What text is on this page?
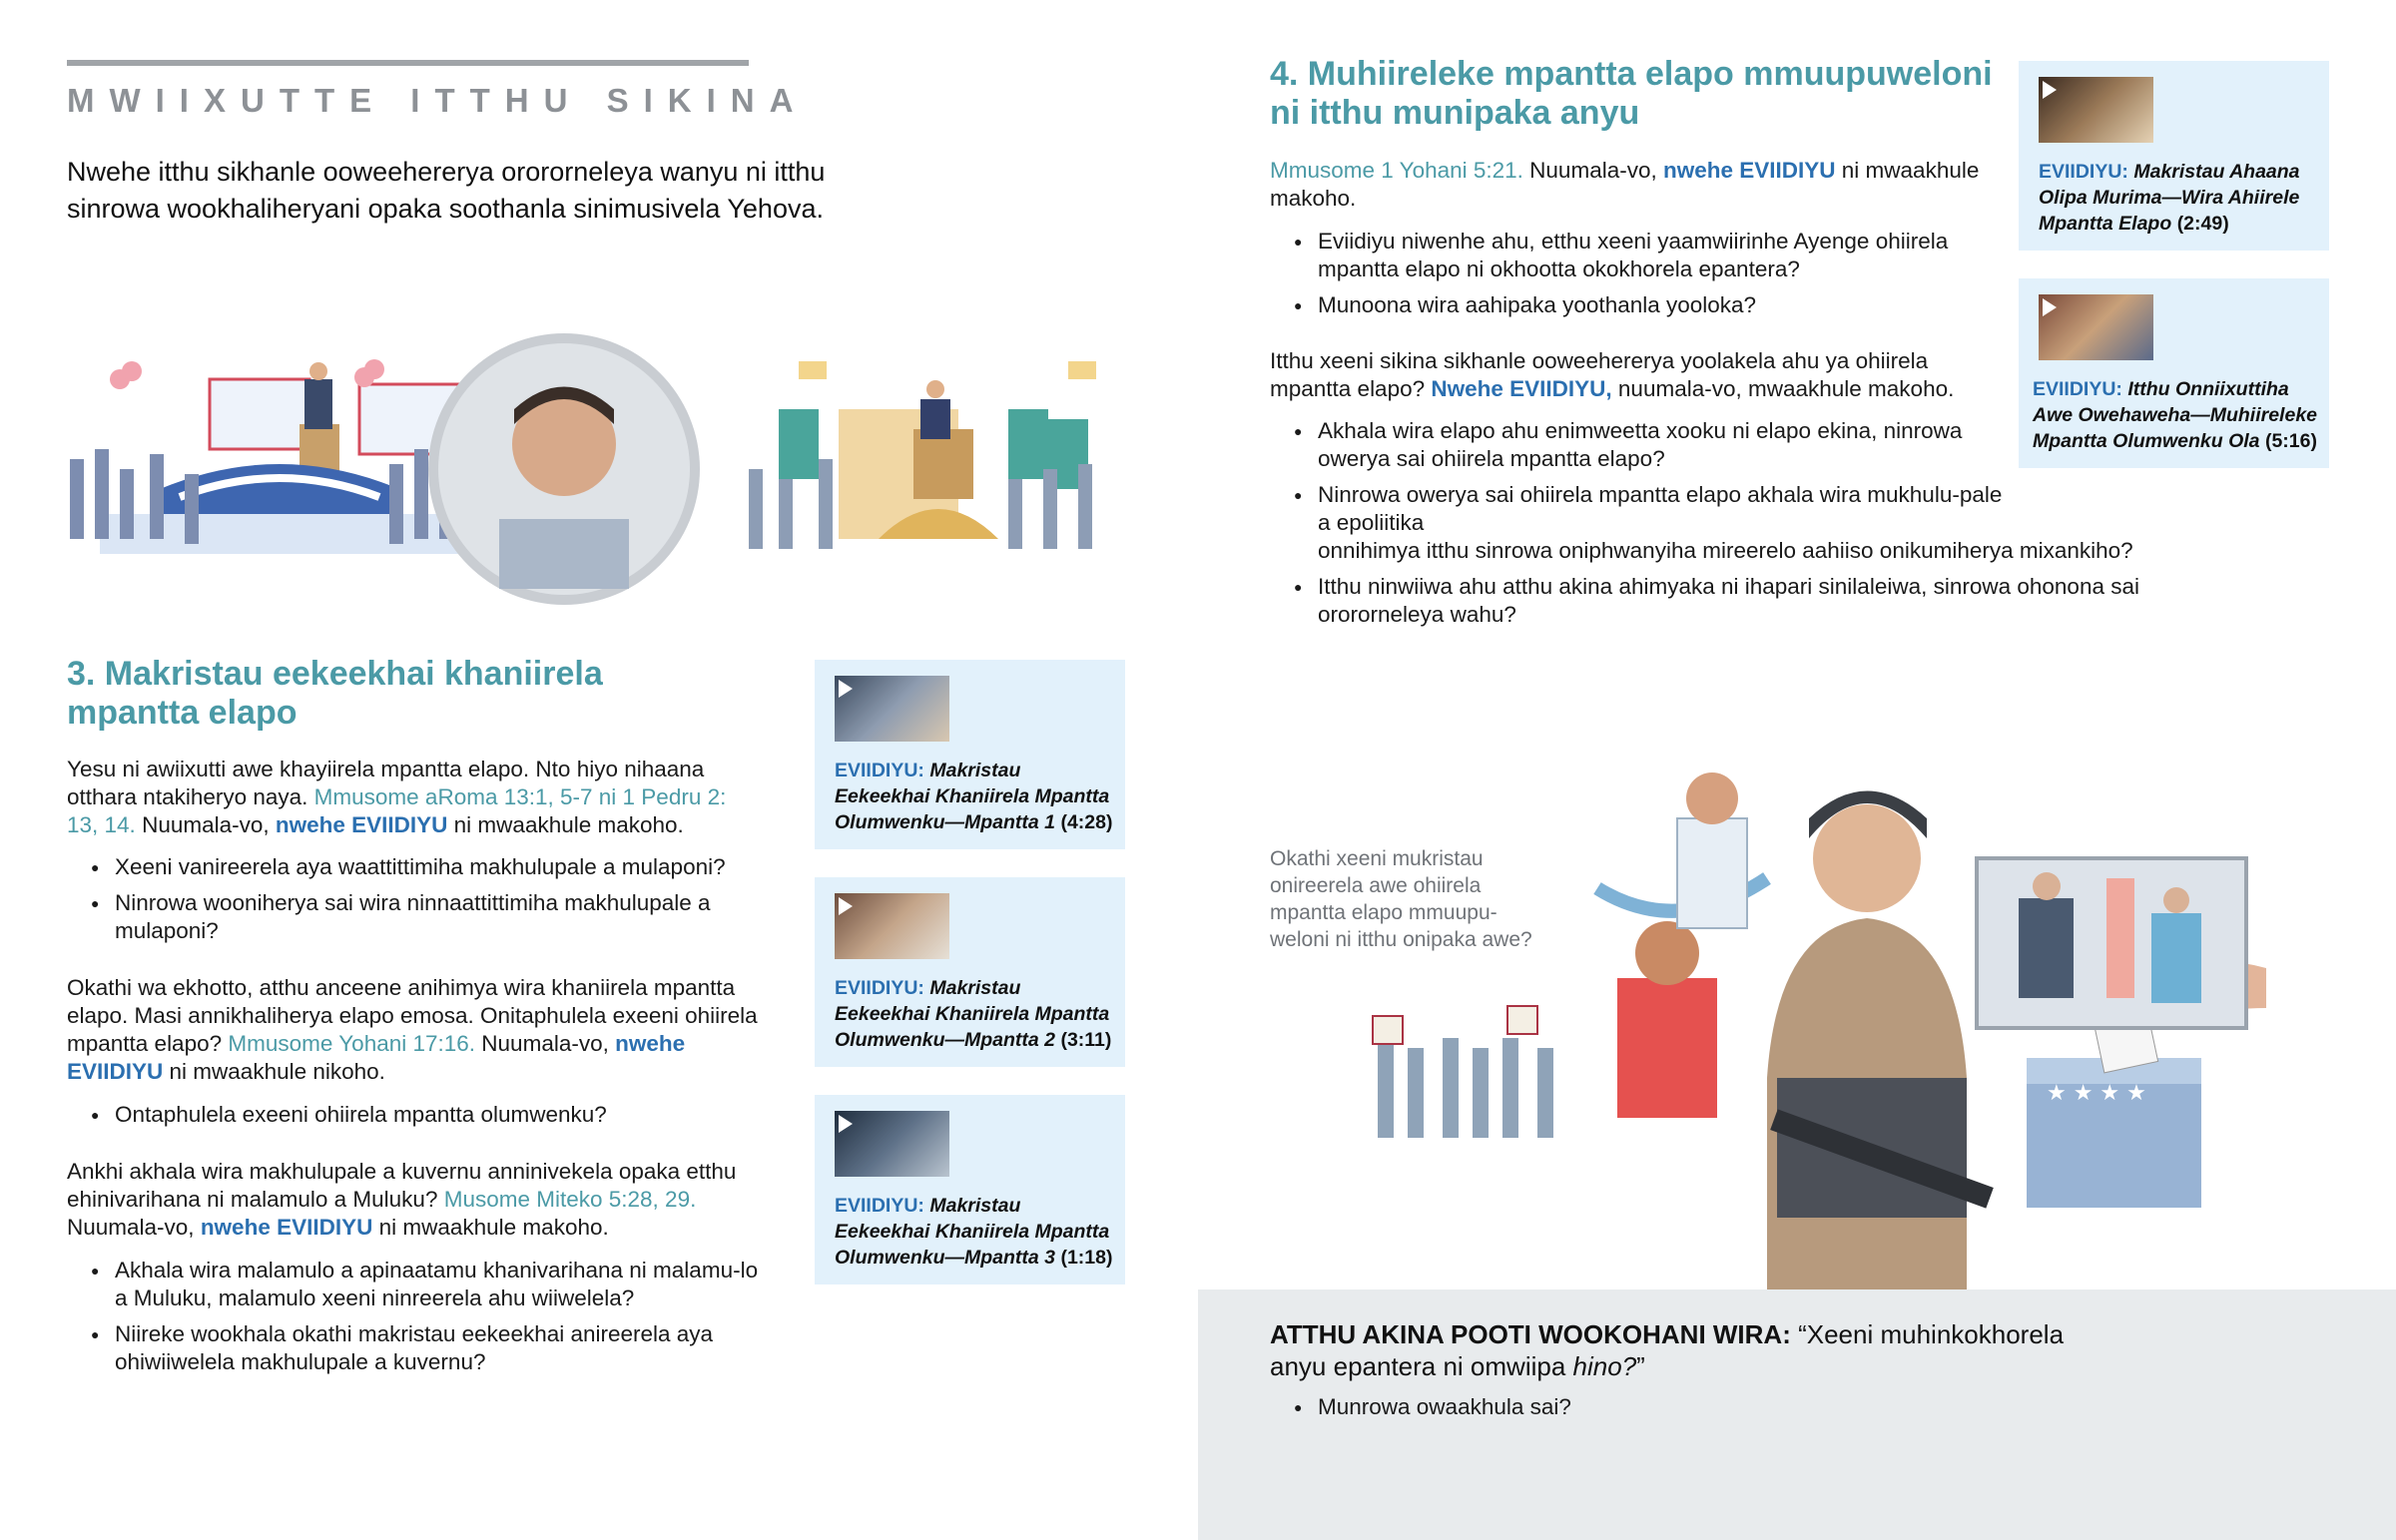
MWIIXUTTE ITTHU SIKINA
Nwehe itthu sikhanle ooweehererya orororneleya wanyu ni itthu sinrowa wookhaliheryani opaka soothanla sinimusivela Yehova.
3. Makristau eekeekhai khaniirela
mpantta elapo
Yesu ni awiixutti awe khayiirela mpantta elapo. Nto hiyo nihaana otthara ntakiheryo naya. Mmusome aRoma 13:1, 5-7 ni 1 Pedru 2: 13, 14. Nuumala-vo, nwehe EVIIDIYU ni mwaakhule makoho.
● Xeeni vanireerela aya waattittimiha makhulupale a mulaponi?
● Ninrowa wooniherya sai wira ninnaattittimiha makhulupale a mulaponi?
Okathi wa ekhotto, atthu anceene anihimya wira khaniirela mpantta elapo. Masi annikhaliherya elapo emosa. Onitaphulela exeeni ohiirela mpantta elapo? Mmusome Yohani 17:16. Nuumala-vo, nwehe EVIIDIYU ni mwaakhule nikoho.
● Ontaphulela exeeni ohiirela mpantta olumwenku?
Ankhi akhala wira makhulupale a kuvernu anninivekela opaka etthu ehinivarihana ni malamulo a Muluku? Musome Miteko 5:28, 29. Nuumala-vo, nwehe EVIIDIYU ni mwaakhule makoho.
● Akhala wira malamulo a apinaatamu khanivarihana ni malamu-lo a Muluku, malamulo xeeni ninreerela ahu wiiwelela?
● Niireke wookhala okathi makristau eekeekhai anireerela aya ohiwiiwelela makhulupale a kuvernu?
EVIIDIYU: Makristau Eekeekhai Khaniirela Mpantta Olumwenku—Mpantta 1 (4:28)
EVIIDIYU: Makristau Eekeekhai Khaniirela Mpantta Olumwenku—Mpantta 2 (3:11)
EVIIDIYU: Makristau Eekeekhai Khaniirela Mpantta Olumwenku—Mpantta 3 (1:18)
4. Muhiireleke mpantta elapo mmuupuweloni
ni itthu munipaka anyu
Mmusome 1 Yohani 5:21. Nuumala-vo, nwehe EVIIDIYU ni mwaakhule makoho.
● Eviidiyu niwenhe ahu, etthu xeeni yaamwiirinhe Ayenge ohiirela mpantta elapo ni okhootta okokhorela epantera?
● Munoona wira aahipaka yoothanla yooloka?
Itthu xeeni sikina sikhanle ooweehererya yoolakela ahu ya ohiirela mpantta elapo? Nwehe EVIIDIYU, nuumala-vo, mwaakhule makoho.
● Akhala wira elapo ahu enimweetta xooku ni elapo ekina, ninrowa owerya sai ohiirela mpantta elapo?
● Ninrowa owerya sai ohiirela mpantta elapo akhala wira mukhulu-pale a epoliitika
onnihimya itthu sinrowa oniphwanyiha mireerelo aahiiso onikumiherya mixankiho?
● Itthu ninwiiwa ahu atthu akina ahimyaka ni ihapari sinilaleiwa, sinrowa ohonona sai orororneleya wahu?
EVIIDIYU: Makristau Ahaana Olipa Murima—Wira Ahiirele Mpantta Elapo (2:49)
EVIIDIYU: Itthu Onniixuttiha Awe Owehaweha—Muhiireleke Mpantta Olumwenku Ola (5:16)
Okathi xeeni mukristau onireerela awe ohiirela mpantta elapo mmuupu-weloni ni itthu onipaka awe?
★ ★ ★ ★
ATTHU AKINA POOTI WOOKOHANI WIRA: “Xeeni muhinkokhorela anyu epantera ni omwiipa hino?”
● Munrowa owaakhula sai?
